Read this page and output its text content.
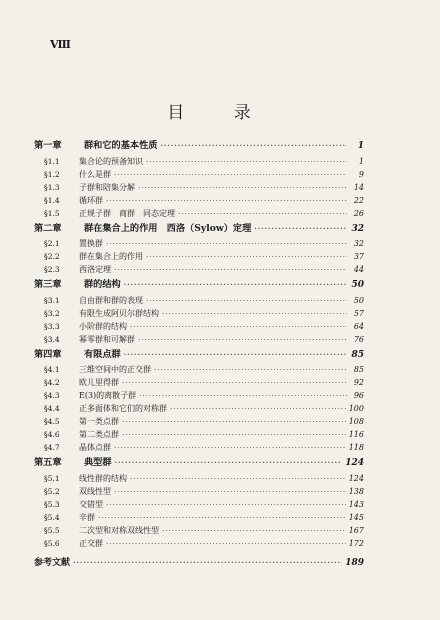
Ⅷ
目 录
第一章	群和它的基本性质 ·····	1
§1.1	集合论的预备知识 ·····	1
§1.2	什么是群 ·····	9
§1.3	子群和陪集分解 ·····	14
§1.4	循环群 ·····	22
§1.5	正规子群　商群　同态定理 ·····	26
第二章	群在集合上的作用　西洛（Sylow）定理 ·····	32
§2.1	置换群 ·····	32
§2.2	群在集合上的作用 ·····	37
§2.3	西洛定理 ·····	44
第三章	群的结构 ·····	50
§3.1	自由群和群的表现 ·····	50
§3.2	有限生成阿贝尔群结构 ·····	57
§3.3	小阶群的结构 ·····	64
§3.4	幂零群和可解群 ·····	76
第四章	有限点群 ·····	85
§4.1	三维空间中的正交群 ·····	85
§4.2	欧儿里得群 ·····	92
§4.3	E(3)的离散子群 ·····	96
§4.4	正多面体和它们的对称群 ·····	100
§4.5	第一类点群 ·····	108
§4.6	第二类点群 ·····	116
§4.7	晶体点群 ·····	118
第五章	典型群 ·····	124
§5.1	线性群的结构 ·····	124
§5.2	双线性型 ·····	138
§5.3	交错型 ·····	143
§5.4	辛群 ·····	145
§5.5	二次型和对称双线性型 ·····	167
§5.6	正交群 ·····	172
参考文献 ·····	189
